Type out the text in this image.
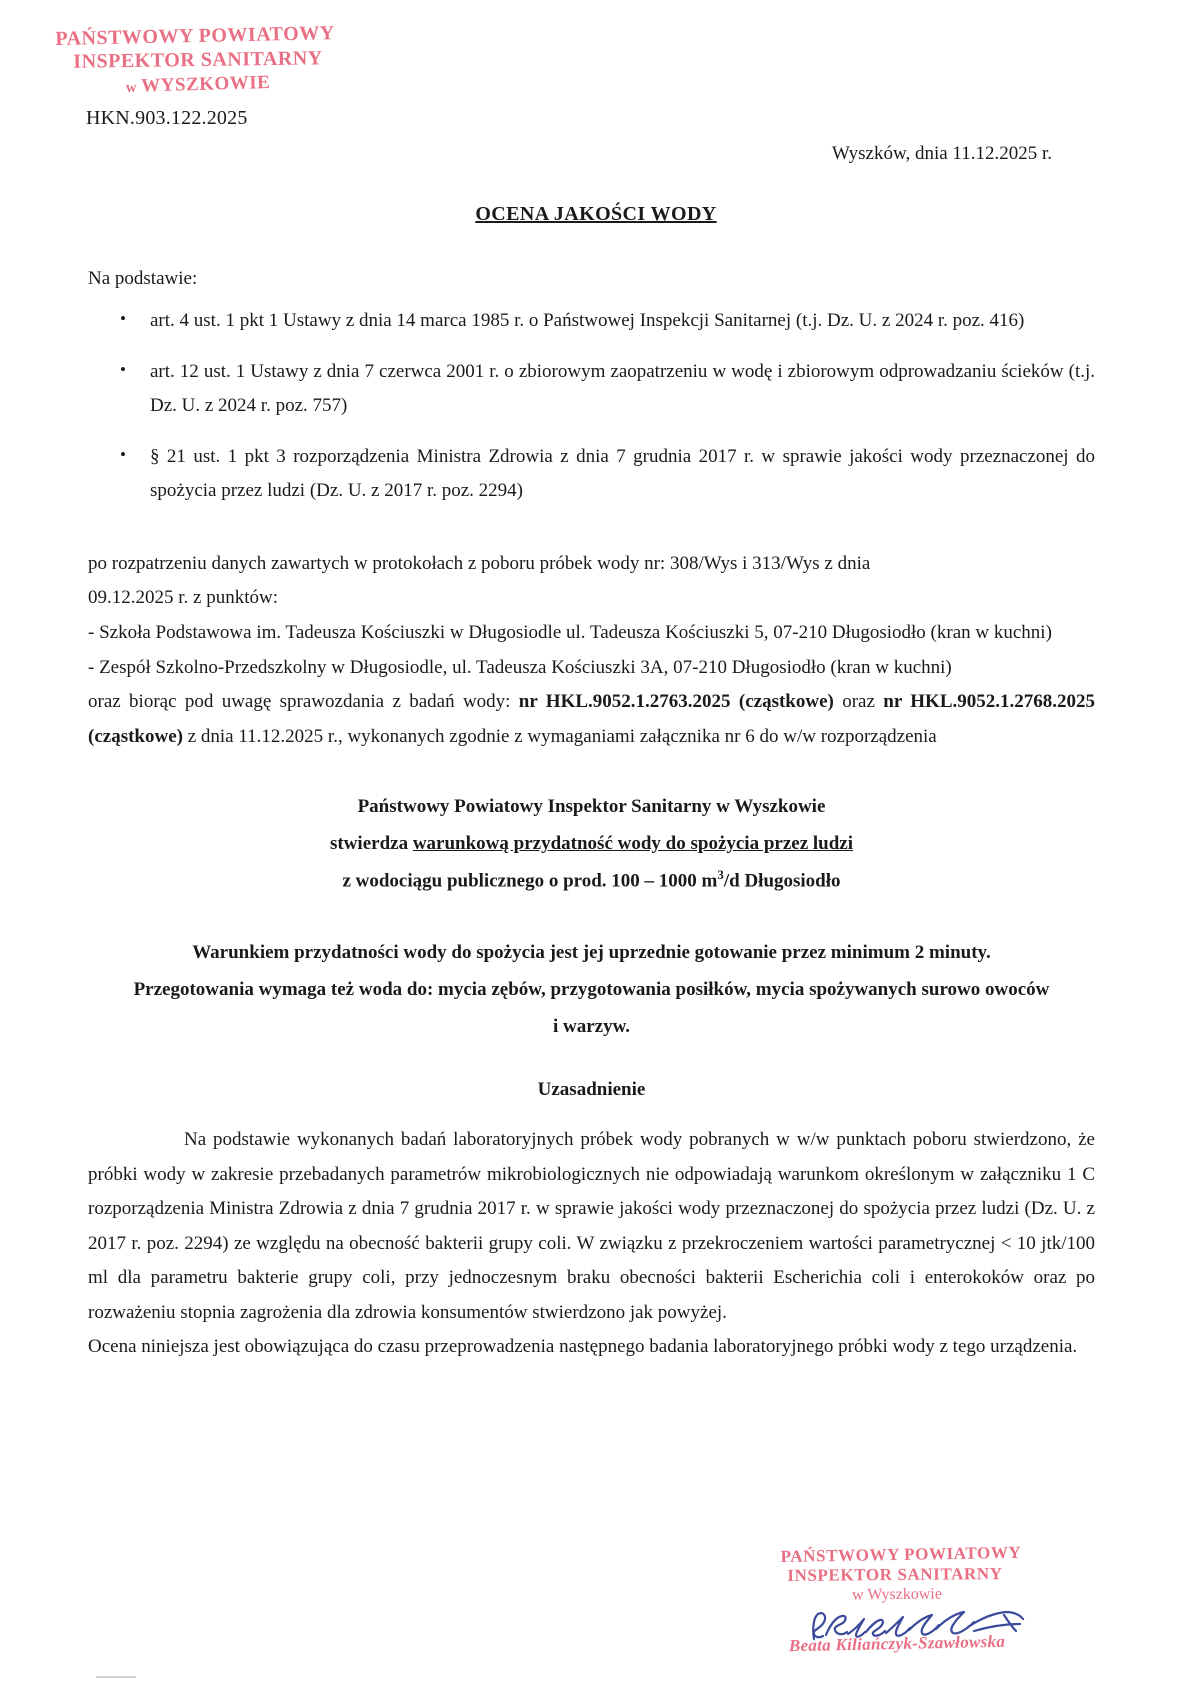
PAŃSTWOWY POWIATOWY
INSPEKTOR SANITARNY
w WYSZKOWIE
HKN.903.122.2025
Wyszków, dnia 11.12.2025 r.
OCENA JAKOŚCI WODY

Na podstawie:

• art. 4 ust. 1 pkt 1 Ustawy z dnia 14 marca 1985 r. o Państwowej Inspekcji Sanitarnej (t.j. Dz. U. z 2024 r. poz. 416)
• art. 12 ust. 1 Ustawy z dnia 7 czerwca 2001 r. o zbiorowym zaopatrzeniu w wodę i zbiorowym odprowadzaniu ścieków (t.j. Dz. U. z 2024 r. poz. 757)
• § 21 ust. 1 pkt 3 rozporządzenia Ministra Zdrowia z dnia 7 grudnia 2017 r. w sprawie jakości wody przeznaczonej do spożycia przez ludzi (Dz. U. z 2017 r. poz. 2294)

po rozpatrzeniu danych zawartych w protokołach z poboru próbek wody nr: 308/Wys i 313/Wys z dnia

09.12.2025 r. z punktów:

- Szkoła Podstawowa im. Tadeusza Kościuszki w Długosiodle ul. Tadeusza Kościuszki 5, 07-210 Długosiodło (kran w kuchni)

- Zespół Szkolno-Przedszkolny w Długosiodle, ul. Tadeusza Kościuszki 3A, 07-210 Długosiodło (kran w kuchni)

oraz biorąc pod uwagę sprawozdania z badań wody: nr HKL.9052.1.2763.2025 (cząstkowe) oraz nr HKL.9052.1.2768.2025 (cząstkowe) z dnia 11.12.2025 r., wykonanych zgodnie z wymaganiami załącznika nr 6 do w/w rozporządzenia

Państwowy Powiatowy Inspektor Sanitarny w Wyszkowie
stwierdza warunkową przydatność wody do spożycia przez ludzi
z wodociągu publicznego o prod. 100 – 1000 $m^3/d$ Długosiodło
Warunkiem przydatności wody do spożycia jest jej uprzednie gotowanie przez minimum 2 minuty.
Przegotowania wymaga też woda do: mycia zębów, przygotowania posiłków, mycia spożywanych surowo owoców
i warzyw.

Uzasadnienie

Na podstawie wykonanych badań laboratoryjnych próbek wody pobranych w w/w punktach poboru stwierdzono, że próbki wody w zakresie przebadanych parametrów mikrobiologicznych nie odpowiadają warunkom określonym w załączniku 1 C rozporządzenia Ministra Zdrowia z dnia 7 grudnia 2017 r. w sprawie jakości wody przeznaczonej do spożycia przez ludzi (Dz. U. z 2017 r. poz. 2294) ze względu na obecność bakterii grupy coli. W związku z przekroczeniem wartości parametrycznej < 10 jtk/100 ml dla parametru bakterie grupy coli, przy jednoczesnym braku obecności bakterii Escherichia coli i enterokoków oraz po rozważeniu stopnia zagrożenia dla zdrowia konsumentów stwierdzono jak powyżej.

Ocena niniejsza jest obowiązująca do czasu przeprowadzenia następnego badania laboratoryjnego próbki wody z tego urządzenia.

PAŃSTWOWY POWIATOWY
INSPEKTOR SANITARNY
w Wyszkowie
Beata Kiliańczyk-Szawłowska
